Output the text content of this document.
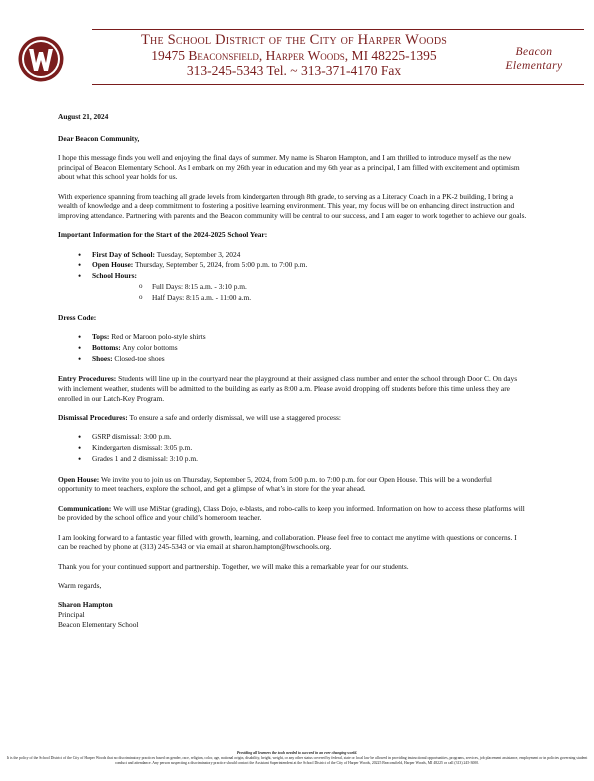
The School District of the City of Harper Woods
19475 Beaconsfield, Harper Woods, MI 48225-1395
313-245-5343 Tel. ~ 313-371-4170 Fax
Beacon
Elementary

August 21, 2024

Dear Beacon Community,

I hope this message finds you well and enjoying the final days of summer. My name is Sharon Hampton, and I am thrilled to introduce myself as the new principal of Beacon Elementary School. As I embark on my 26th year in education and my 6th year as a principal, I am filled with excitement and optimism about what this school year holds for us.

With experience spanning from teaching all grade levels from kindergarten through 8th grade, to serving as a Literacy Coach in a PK-2 building, I bring a wealth of knowledge and a deep commitment to fostering a positive learning environment. This year, my focus will be on enhancing direct instruction and improving attendance. Partnering with parents and the Beacon community will be central to our success, and I am eager to work together to achieve our goals.

Important Information for the Start of the 2024-2025 School Year:

• First Day of School: Tuesday, September 3, 2024
• Open House: Thursday, September 5, 2024, from 5:00 p.m. to 7:00 p.m.
• School Hours:
o Full Days: 8:15 a.m. - 3:10 p.m.
o Half Days: 8:15 a.m. - 11:00 a.m.

Dress Code:

• Tops: Red or Maroon polo-style shirts
• Bottoms: Any color bottoms
• Shoes: Closed-toe shoes

Entry Procedures: Students will line up in the courtyard near the playground at their assigned class number and enter the school through Door C. On days with inclement weather, students will be admitted to the building as early as 8:00 a.m. Please avoid dropping off students before this time unless they are enrolled in our Latch-Key Program.

Dismissal Procedures: To ensure a safe and orderly dismissal, we will use a staggered process:

• GSRP dismissal: 3:00 p.m.
• Kindergarten dismissal: 3:05 p.m.
• Grades 1 and 2 dismissal: 3:10 p.m.

Open House: We invite you to join us on Thursday, September 5, 2024, from 5:00 p.m. to 7:00 p.m. for our Open House. This will be a wonderful opportunity to meet teachers, explore the school, and get a glimpse of what’s in store for the year ahead.

Communication: We will use MiStar (grading), Class Dojo, e-blasts, and robo-calls to keep you informed. Information on how to access these platforms will be provided by the school office and your child’s homeroom teacher.

I am looking forward to a fantastic year filled with growth, learning, and collaboration. Please feel free to contact me anytime with questions or concerns. I can be reached by phone at (313) 245-5343 or via email at sharon.hampton@hwschools.org.

Thank you for your continued support and partnership. Together, we will make this a remarkable year for our students.

Warm regards,

Sharon Hampton

Principal

Beacon Elementary School

Providing all learners the tools needed to succeed in an ever changing world.
It is the policy of the School District of the City of Harper Woods that no discriminatory practices based on gender, race, religion, color, age, national origin, disability, height, weight, or any other status covered by federal, state or local law be allowed in providing instructional opportunities, programs, services, job placement assistance, employment or in policies governing student conduct and attendance. Any person suspecting a discriminatory practice should contact the Assistant Superintendent at the School District of the City of Harper Woods, 20225 Beaconsfield, Harper Woods, MI 48225 or call (313) 245-3000.
